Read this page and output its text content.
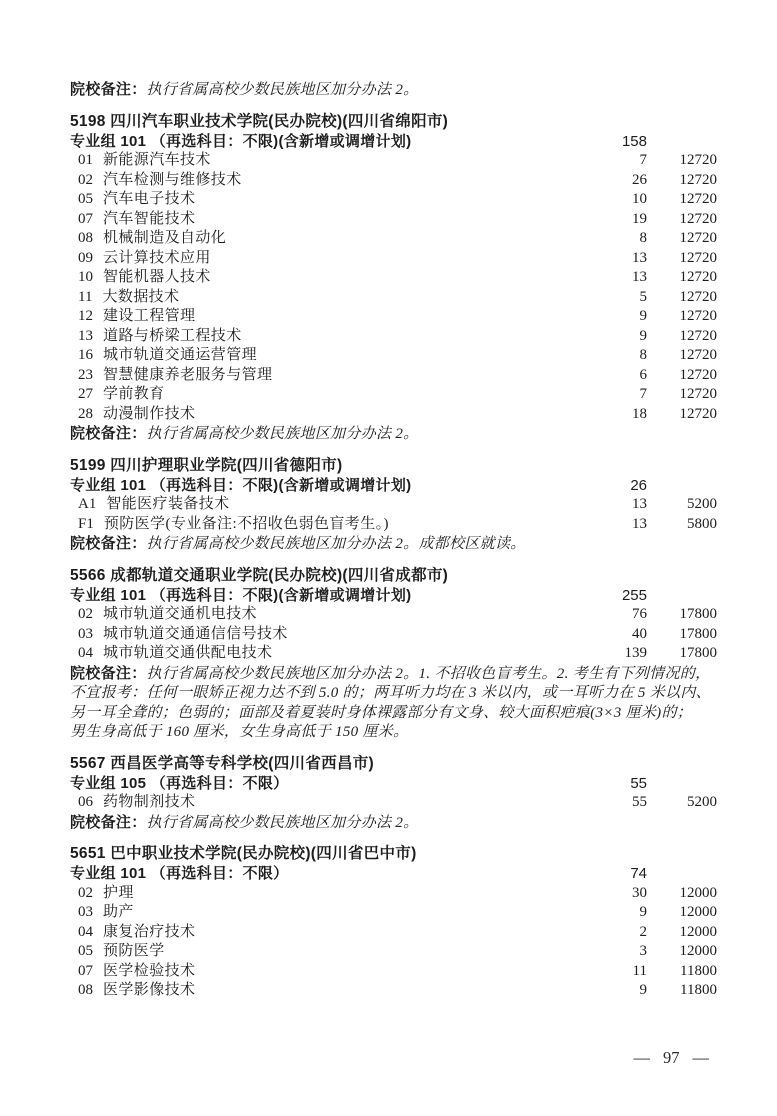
院校备注：执行省属高校少数民族地区加分办法 2。
5198 四川汽车职业技术学院(民办院校)(四川省绵阳市)
专业组 101 （再选科目：不限)(含新增或调增计划)	158
01 新能源汽车技术	7	12720
02 汽车检测与维修技术	26	12720
05 汽车电子技术	10	12720
07 汽车智能技术	19	12720
08 机械制造及自动化	8	12720
09 云计算技术应用	13	12720
10 智能机器人技术	13	12720
11 大数据技术	5	12720
12 建设工程管理	9	12720
13 道路与桥梁工程技术	9	12720
16 城市轨道交通运营管理	8	12720
23 智慧健康养老服务与管理	6	12720
27 学前教育	7	12720
28 动漫制作技术	18	12720
院校备注：执行省属高校少数民族地区加分办法 2。
5199 四川护理职业学院(四川省德阳市)
专业组 101 （再选科目：不限)(含新增或调增计划)	26
A1 智能医疗装备技术	13	5200
F1 预防医学(专业备注:不招收色弱色盲考生。)	13	5800
院校备注：执行省属高校少数民族地区加分办法 2。成都校区就读。
5566 成都轨道交通职业学院(民办院校)(四川省成都市)
专业组 101 （再选科目：不限)(含新增或调增计划)	255
02 城市轨道交通机电技术	76	17800
03 城市轨道交通通信信号技术	40	17800
04 城市轨道交通供配电技术	139	17800
院校备注：执行省属高校少数民族地区加分办法 2。1. 不招收色盲考生。2. 考生有下列情况的，
不宜报考：任何一眼矫正视力达不到 5.0 的；两耳听力均在 3 米以内，或一耳听力在 5 米以内、
另一耳全聋的；色弱的；面部及着夏装时身体裸露部分有文身、较大面积疤痕(3×3 厘米)的；
男生身高低于 160 厘米，女生身高低于 150 厘米。
5567 西昌医学高等专科学校(四川省西昌市)
专业组 105 （再选科目：不限）	55
06 药物制剂技术	55	5200
院校备注：执行省属高校少数民族地区加分办法 2。
5651 巴中职业技术学院(民办院校)(四川省巴中市)
专业组 101 （再选科目：不限）	74
02 护理	30	12000
03 助产	9	12000
04 康复治疗技术	2	12000
05 预防医学	3	12000
07 医学检验技术	11	11800
08 医学影像技术	9	11800
— 97 —
